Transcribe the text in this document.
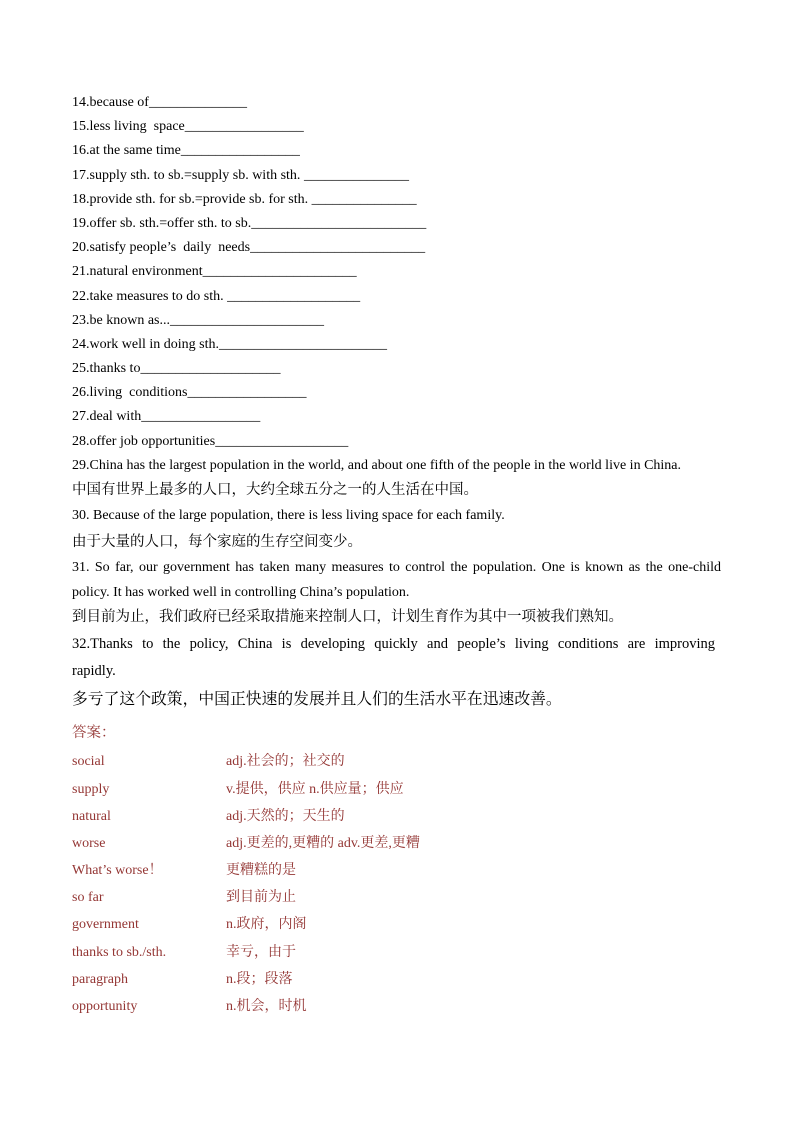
14.because of______________
15.less living  space_________________
16.at the same time_________________
17.supply sth. to sb.=supply sb. with sth. _______________
18.provide sth. for sb.=provide sb. for sth. _______________
19.offer sb. sth.=offer sth. to sb._________________________
20.satisfy people’s  daily  needs_________________________
21.natural environment______________________
22.take measures to do sth. ___________________
23.be known as...______________________
24.work well in doing sth.________________________
25.thanks to____________________
26.living  conditions_________________
27.deal with_________________
28.offer job opportunities___________________
29.China has the largest population in the world, and about one fifth of the people in the world live in China.
中国有世界上最多的人口，大约全球五分之一的人生活在中国。
30. Because of the large population, there is less living space for each family.
由于大量的人口，每个家庭的生存空间变少。
31. So far, our government has taken many measures to control the population. One is known as the one-child
policy. It has worked well in controlling China’s population.
到目前为止，我们政府已经采取措施来控制人口，计划生育作为其中一项被我们熟知。
32.Thanks to the policy, China is developing quickly and people’s living conditions are improving
rapidly.
多亏了这个政策，中国正快速的发展并且人们的生活水平在迅速改善。
答案：
social	adj.社会的；社交的
supply	v.提供，供应 n.供应量；供应
natural	adj.天然的；天生的
worse	adj.更差的,更糟的 adv.更差,更糟
What’s worse！	更糟糕的是
so far	到目前为止
government	n.政府，内阁
thanks to sb./sth.	幸亏，由于
paragraph	n.段；段落
opportunity	n.机会，时机
